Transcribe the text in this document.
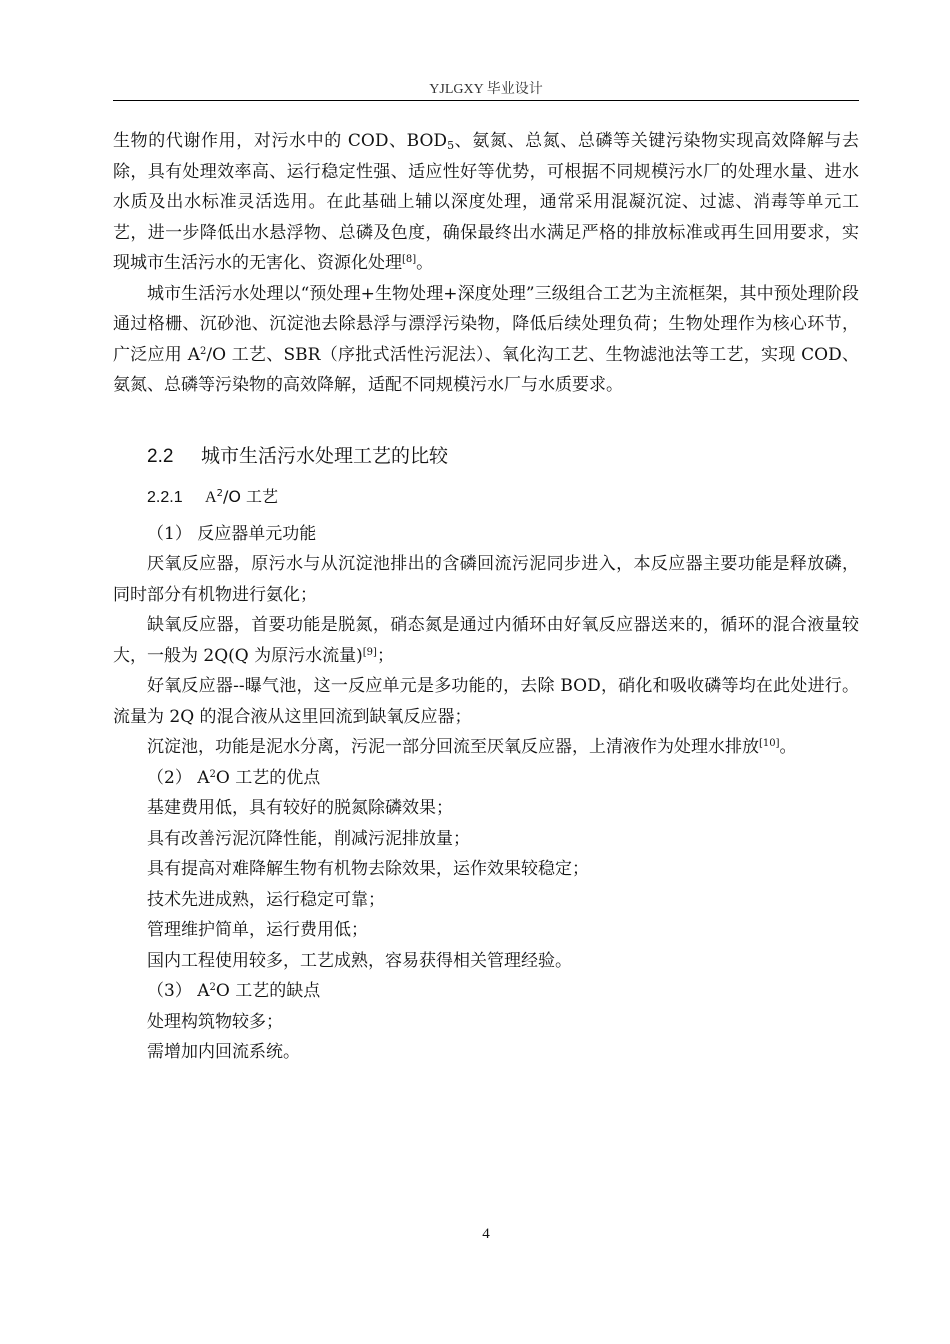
YJLGXY 毕业设计
生物的代谢作用，对污水中的 COD、$BOD_5$、氨氮、总氮、总磷等关键污染物实现高效降解与去除，具有处理效率高、运行稳定性强、适应性好等优势，可根据不同规模污水厂的处理水量、进水水质及出水标准灵活选用。在此基础上辅以深度处理，通常采用混凝沉淀、过滤、消毒等单元工艺，进一步降低出水悬浮物、总磷及色度，确保最终出水满足严格的排放标准或再生回用要求，实现城市生活污水的无害化、资源化处理[8]。
城市生活污水处理以“预处理+生物处理+深度处理”三级组合工艺为主流框架，其中预处理阶段通过格栅、沉砂池、沉淀池去除悬浮与漂浮污染物，降低后续处理负荷；生物处理作为核心环节，广泛应用 $A^2/O$ 工艺、SBR（序批式活性污泥法）、氧化沟工艺、生物滤池法等工艺，实现 COD、氨氮、总磷等污染物的高效降解，适配不同规模污水厂与水质要求。
2.2 城市生活污水处理工艺的比较
2.2.1 $A^2/O$ 工艺
（1） 反应器单元功能
厌氧反应器，原污水与从沉淀池排出的含磷回流污泥同步进入，本反应器主要功能是释放磷，同时部分有机物进行氨化；
缺氧反应器，首要功能是脱氮，硝态氮是通过内循环由好氧反应器送来的，循环的混合液量较大，一般为 2Q(Q 为原污水流量)[9]；
好氧反应器--曝气池，这一反应单元是多功能的，去除 BOD，硝化和吸收磷等均在此处进行。流量为 2Q 的混合液从这里回流到缺氧反应器；
沉淀池，功能是泥水分离，污泥一部分回流至厌氧反应器，上清液作为处理水排放[10]。
（2） $A^2O$ 工艺的优点
基建费用低，具有较好的脱氮除磷效果；
具有改善污泥沉降性能，削减污泥排放量；
具有提高对难降解生物有机物去除效果，运作效果较稳定；
技术先进成熟，运行稳定可靠；
管理维护简单，运行费用低；
国内工程使用较多，工艺成熟，容易获得相关管理经验。
（3） $A^2O$ 工艺的缺点
处理构筑物较多；
需增加内回流系统。
4
